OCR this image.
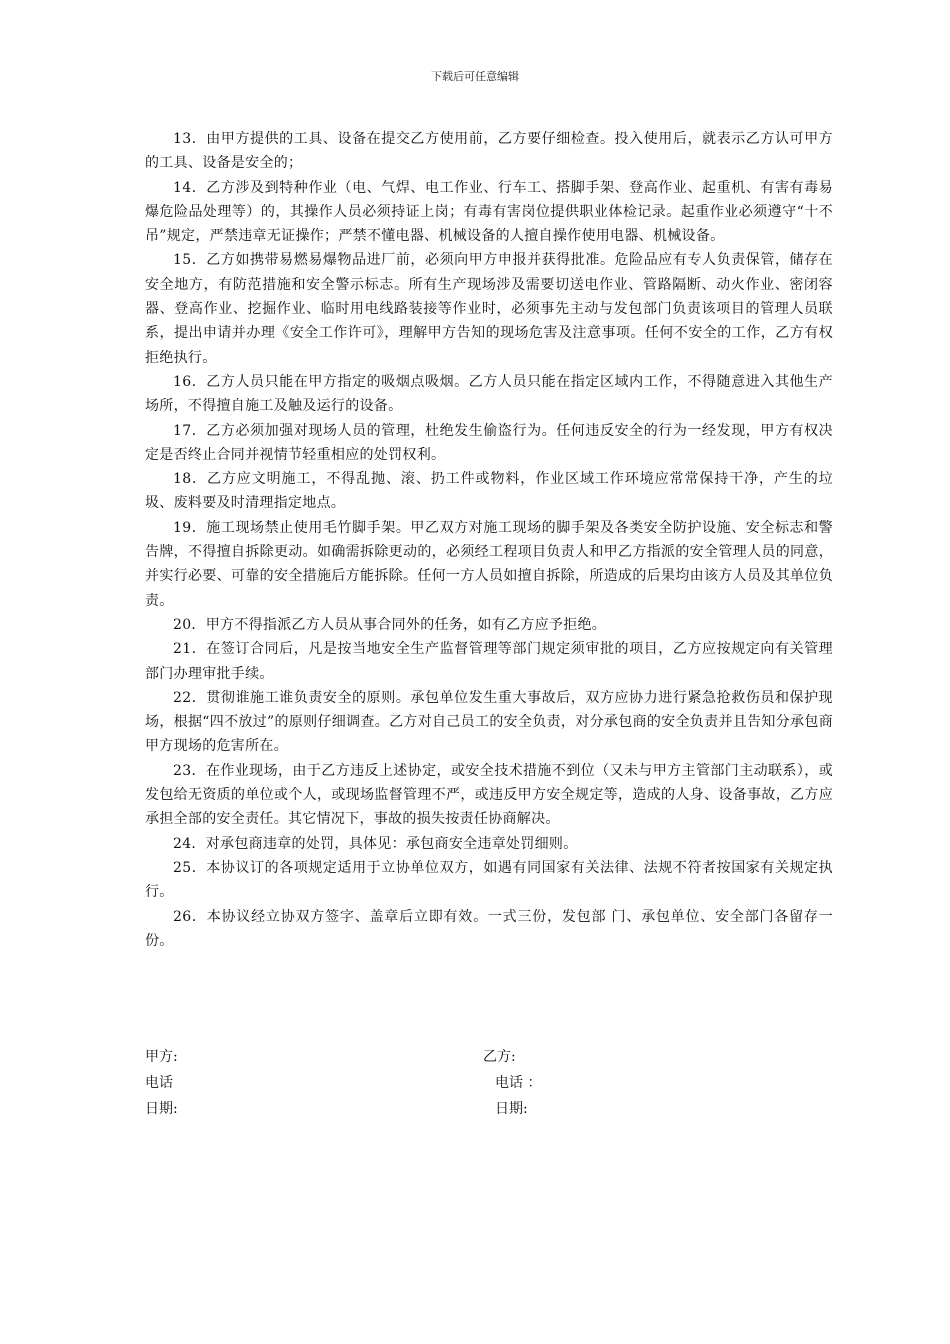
下载后可任意编辑

13．由甲方提供的工具、设备在提交乙方使用前，乙方要仔细检查。投入使用后，就表示乙方认可甲方的工具、设备是安全的；

14．乙方涉及到特种作业（电、气焊、电工作业、行车工、搭脚手架、登高作业、起重机、有害有毒易爆危险品处理等）的，其操作人员必须持证上岗；有毒有害岗位提供职业体检记录。起重作业必须遵守“十不吊”规定，严禁违章无证操作；严禁不懂电器、机械设备的人擅自操作使用电器、机械设备。

15．乙方如携带易燃易爆物品进厂前，必须向甲方申报并获得批准。危险品应有专人负责保管，储存在安全地方，有防范措施和安全警示标志。所有生产现场涉及需要切送电作业、管路隔断、动火作业、密闭容器、登高作业、挖掘作业、临时用电线路装接等作业时，必须事先主动与发包部门负责该项目的管理人员联系，提出申请并办理《安全工作许可》，理解甲方告知的现场危害及注意事项。任何不安全的工作，乙方有权拒绝执行。

16．乙方人员只能在甲方指定的吸烟点吸烟。乙方人员只能在指定区域内工作，不得随意进入其他生产 场所，不得擅自施工及触及运行的设备。

17．乙方必须加强对现场人员的管理，杜绝发生偷盗行为。任何违反安全的行为一经发现，甲方有权决定是否终止合同并视情节轻重相应的处罚权利。

18．乙方应文明施工，不得乱抛、滚、扔工件或物料，作业区域工作环境应常常保持干净，产生的垃圾、废料要及时清理指定地点。

19．施工现场禁止使用毛竹脚手架。甲乙双方对施工现场的脚手架及各类安全防护设施、安全标志和警告牌，不得擅自拆除更动。如确需拆除更动的，必须经工程项目负责人和甲乙方指派的安全管理人员的同意，并实行必要、可靠的安全措施后方能拆除。任何一方人员如擅自拆除，所造成的后果均由该方人员及其单位负责。

20．甲方不得指派乙方人员从事合同外的任务，如有乙方应予拒绝。

21．在签订合同后，凡是按当地安全生产监督管理等部门规定须审批的项目，乙方应按规定向有关管理部门办理审批手续。

22．贯彻谁施工谁负责安全的原则。承包单位发生重大事故后，双方应协力进行紧急抢救伤员和保护现场，根据“四不放过”的原则仔细调查。乙方对自己员工的安全负责，对分承包商的安全负责并且告知分承包商甲方现场的危害所在。

23．在作业现场，由于乙方违反上述协定，或安全技术措施不到位（又未与甲方主管部门主动联系），或发包给无资质的单位或个人，或现场监督管理不严，或违反甲方安全规定等，造成的人身、设备事故，乙方应承担全部的安全责任。其它情况下，事故的损失按责任协商解决。

24．对承包商违章的处罚，具体见：承包商安全违章处罚细则。

25．本协议订的各项规定适用于立协单位双方，如遇有同国家有关法律、法规不符者按国家有关规定执行。

26．本协议经立协双方签字、盖章后立即有效。一式三份，发包部 门、承包单位、安全部门各留存一份。

甲方:
电话
日期:
乙方:
电话 ：
日期:
